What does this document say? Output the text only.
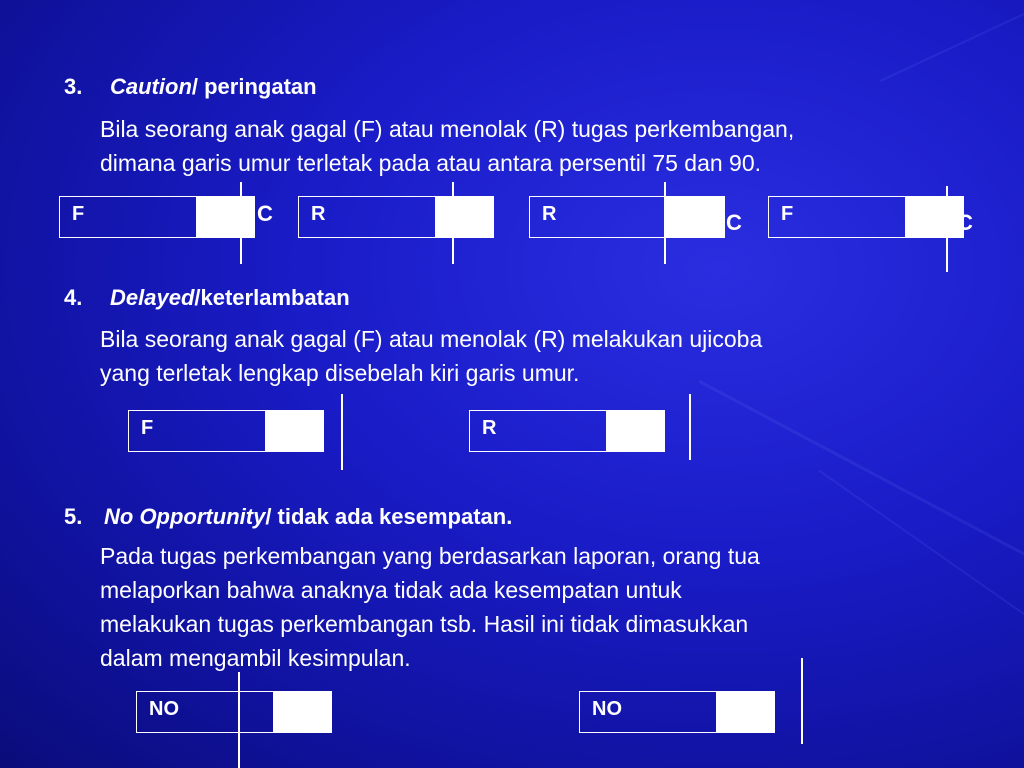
3. Caution/ peringatan
Bila seorang anak gagal (F) atau menolak (R) tugas perkembangan,
dimana garis umur terletak pada atau antara persentil 75 dan 90.
F	C	R	C	R	C	F	C
4. Delayed/keterlambatan
Bila seorang anak gagal (F) atau menolak (R) melakukan ujicoba
yang terletak lengkap disebelah kiri garis umur.
F	R
5. No Opportunity/ tidak ada kesempatan.
Pada tugas perkembangan yang berdasarkan laporan, orang tua
melaporkan bahwa anaknya tidak ada kesempatan untuk
melakukan tugas perkembangan tsb. Hasil ini tidak dimasukkan
dalam mengambil kesimpulan.
NO	NO
